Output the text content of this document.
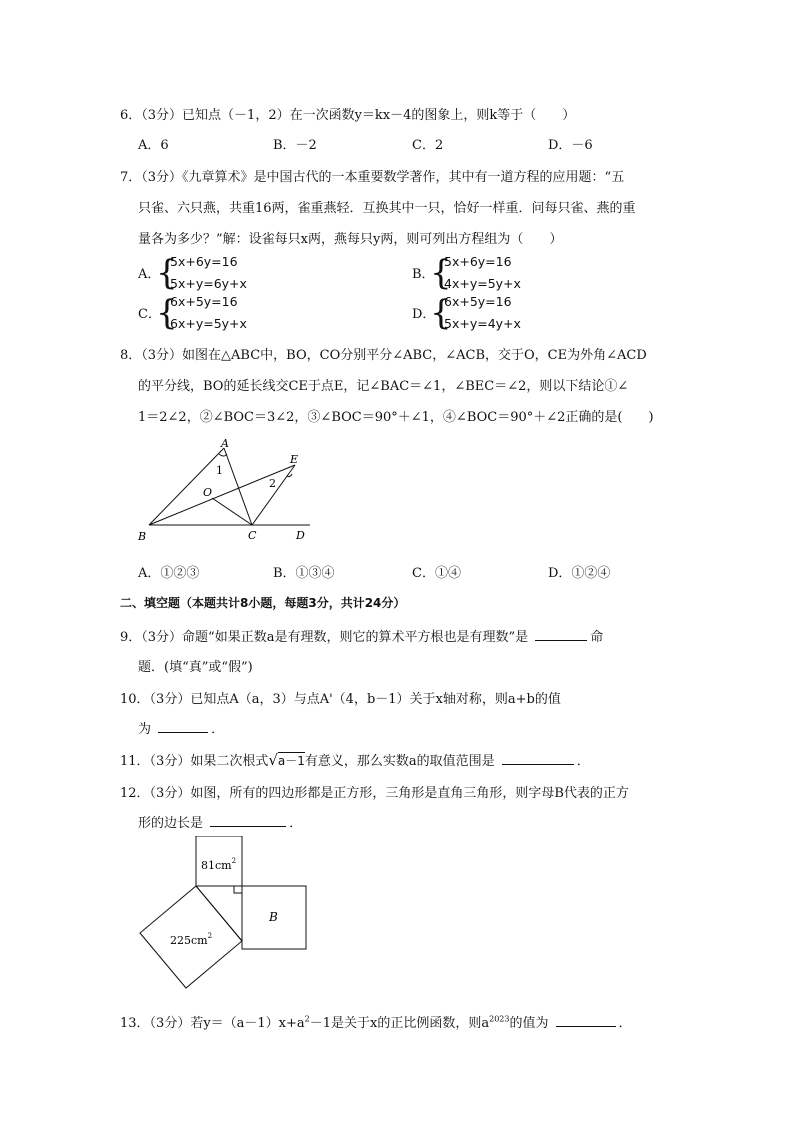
6．（3分）已知点（－1，2）在一次函数y＝kx－4的图象上，则k等于（　　）
A．6	B．－2	C．2	D．－6
7．（3分）《九章算术》是中国古代的一本重要数学著作，其中有一道方程的应用题：“五
只雀、六只燕，共重16两，雀重燕轻．互换其中一只，恰好一样重．问每只雀、燕的重
量各为多少？”解：设雀每只x两，燕每只y两，则可列出方程组为（　　）
A．
{
5x+6y=16
5x+y=6y+x
B．
{
5x+6y=16
4x+y=5y+x
C．
{
6x+5y=16
6x+y=5y+x
D．
{
6x+5y=16
5x+y=4y+x
8．（3分）如图在△ABC中，BO，CO分别平分∠ABC，∠ACB，交于O，CE为外角∠ACD
的平分线，BO的延长线交CE于点E，记∠BAC＝∠1，∠BEC＝∠2，则以下结论①∠
1＝2∠2，②∠BOC＝3∠2，③∠BOC＝90°＋∠1，④∠BOC＝90°＋∠2正确的是(　　)
A
1
E
2
O
B	C	D
A．①②③	B．①③④	C．①④	D．①②④
二、填空题（本题共计8小题，每题3分，共计24分）
9．（3分）命题“如果正数a是有理数，则它的算术平方根也是有理数”是	命
题．(填“真”或“假”)
10．（3分）已知点A（a，3）与点A'（4，b－1）关于x轴对称，则a+b的值
为	．
11．（3分）如果二次根式√a－1有意义，那么实数a的取值范围是	．
12．（3分）如图，所有的四边形都是正方形，三角形是直角三角形，则字母B代表的正方
形的边长是	．
$81cm^2$
$225cm^2$
B
13．（3分）若$y=(a-1)x+a^2-1$是关于x的正比例函数，则$a^{2023}$的值为	．
